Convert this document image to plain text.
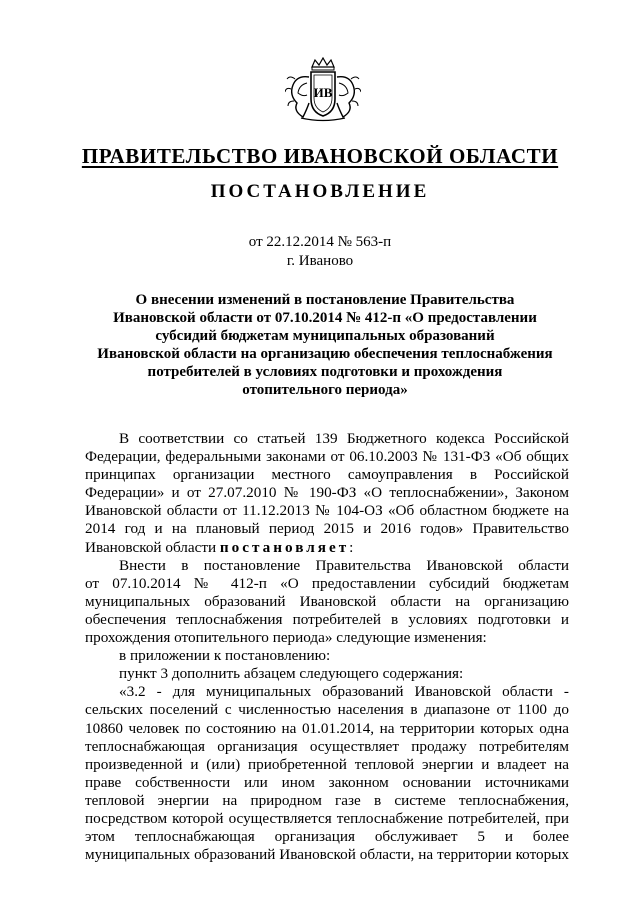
ИВ
ПРАВИТЕЛЬСТВО ИВАНОВСКОЙ ОБЛАСТИ
ПОСТАНОВЛЕНИЕ
от 22.12.2014 № 563-п
г. Иваново
О внесении изменений в постановление Правительства
Ивановской области от 07.10.2014 № 412-п «О предоставлении
субсидий бюджетам муниципальных образований
Ивановской области на организацию обеспечения теплоснабжения
потребителей в условиях подготовки и прохождения
отопительного периода»
В соответствии со статьей 139 Бюджетного кодекса Российской
Федерации, федеральными законами от 06.10.2003 № 131-ФЗ «Об общих
принципах организации местного самоуправления в Российской
Федерации» и от 27.07.2010 № 190-ФЗ «О теплоснабжении», Законом
Ивановской области от 11.12.2013 № 104-ОЗ «Об областном бюджете на
2014 год и на плановый период 2015 и 2016 годов» Правительство
Ивановской области постановляет:
Внести в постановление Правительства Ивановской области
от 07.10.2014 № 412-п «О предоставлении субсидий бюджетам
муниципальных образований Ивановской области на организацию
обеспечения теплоснабжения потребителей в условиях подготовки и
прохождения отопительного периода» следующие изменения:
в приложении к постановлению:
пункт 3 дополнить абзацем следующего содержания:
«3.2 - для муниципальных образований Ивановской области -
сельских поселений с численностью населения в диапазоне от 1100 до
10860 человек по состоянию на 01.01.2014, на территории которых одна
теплоснабжающая организация осуществляет продажу потребителям
произведенной и (или) приобретенной тепловой энергии и владеет на
праве собственности или ином законном основании источниками
тепловой энергии на природном газе в системе теплоснабжения,
посредством которой осуществляется теплоснабжение потребителей, при
этом теплоснабжающая организация обслуживает 5 и более
муниципальных образований Ивановской области, на территории которых
